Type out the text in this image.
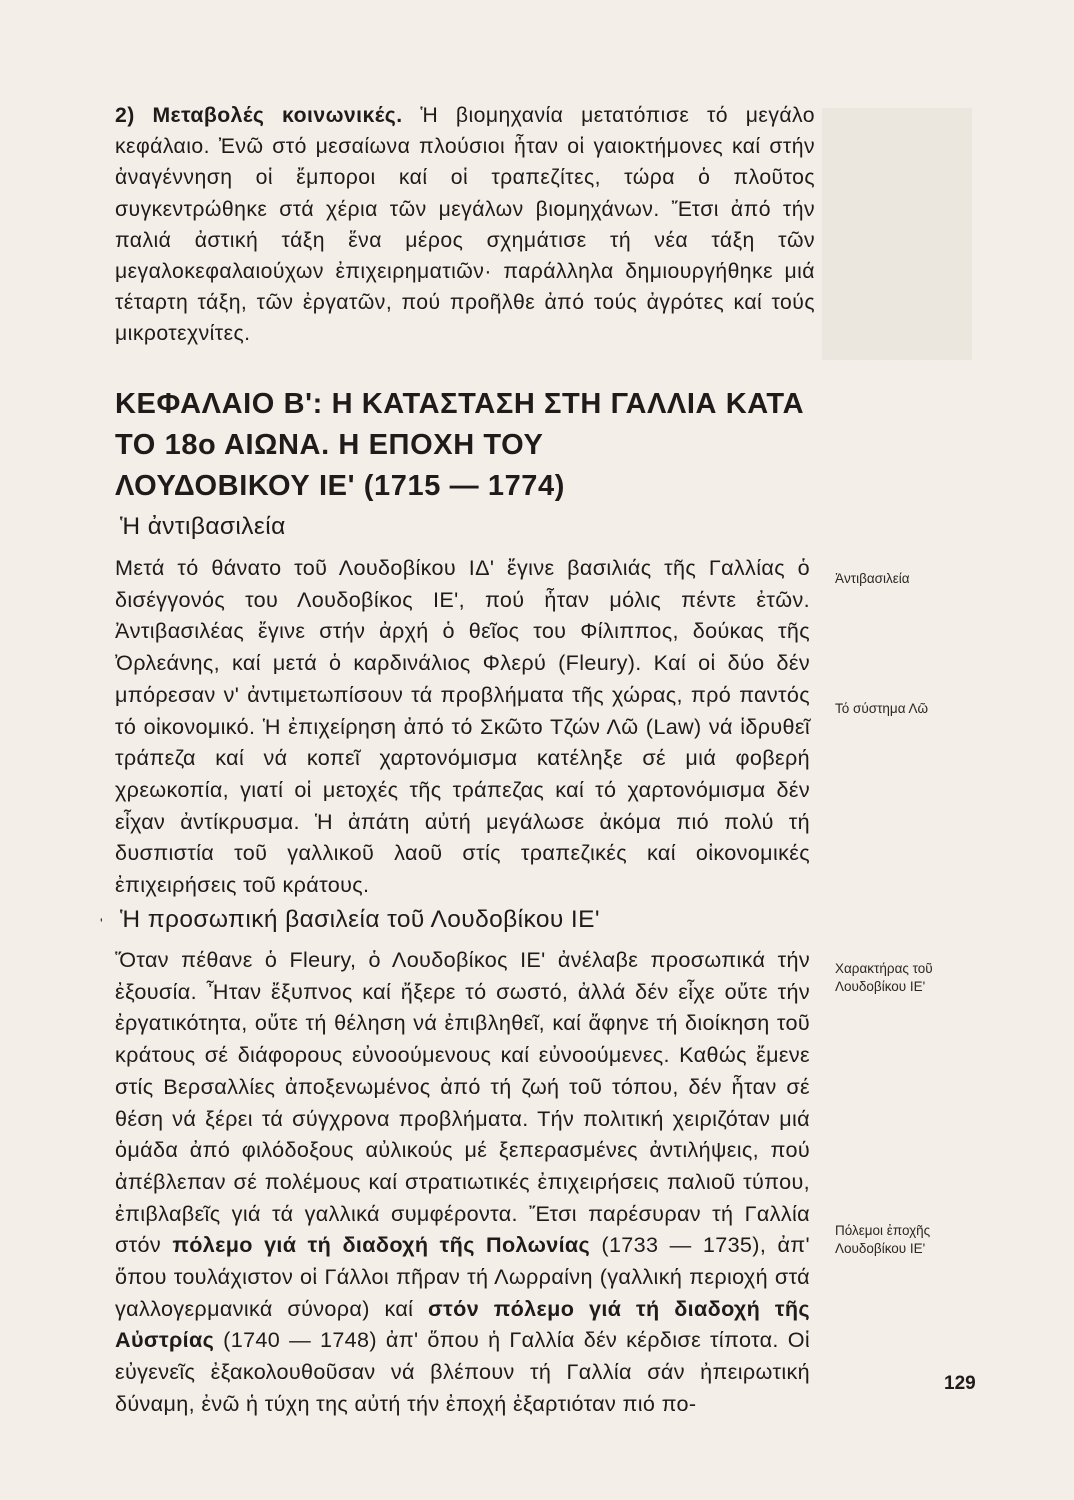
2) Μεταβολές κοινωνικές. Ἡ βιομηχανία μετατόπισε τό μεγάλο κεφάλαιο. Ἐνῶ στό μεσαίωνα πλούσιοι ἦταν οἱ γαιοκτήμονες καί στήν ἀναγέννηση οἱ ἔμποροι καί οἱ τραπεζίτες, τώρα ὁ πλοῦτος συγκεντρώθηκε στά χέρια τῶν μεγάλων βιομηχάνων. Ἔτσι ἀπό τήν παλιά ἀστική τάξη ἕνα μέρος σχημάτισε τή νέα τάξη τῶν μεγαλοκεφαλαιούχων ἐπιχειρηματιῶν· παράλληλα δημιουργήθηκε μιά τέταρτη τάξη, τῶν ἐργατῶν, πού προῆλθε ἀπό τούς ἀγρότες καί τούς μικροτεχνίτες.
ΚΕΦΑΛΑΙΟ Β': Η ΚΑΤΑΣΤΑΣΗ ΣΤΗ ΓΑΛΛΙΑ ΚΑΤΑ
ΤΟ 18ο ΑΙΩΝΑ. Η ΕΠΟΧΗ ΤΟΥ
ΛΟΥΔΟΒΙΚΟΥ ΙΕ' (1715 — 1774)
Ἡ ἀντιβασιλεία

Μετά τό θάνατο τοῦ Λουδοβίκου ΙΔ' ἔγινε βασιλιάς τῆς Γαλλίας ὁ δισέγγονός του Λουδοβίκος ΙΕ', πού ἦταν μόλις πέντε ἐτῶν. Ἀντιβασιλέας ἔγινε στήν ἀρχή ὁ θεῖος του Φίλιππος, δούκας τῆς Ὀρλεάνης, καί μετά ὁ καρδινάλιος Φλερύ (Fleury). Καί οἱ δύο δέν μπόρεσαν ν' ἀντιμετωπίσουν τά προβλήματα τῆς χώρας, πρό παντός τό οἰκονομικό. Ἡ ἐπιχείρηση ἀπό τό Σκῶτο Τζών Λῶ (Law) νά ἱδρυθεῖ τράπεζα καί νά κοπεῖ χαρτονόμισμα κατέληξε σέ μιά φοβερή χρεωκοπία, γιατί οἱ μετοχές τῆς τράπεζας καί τό χαρτονόμισμα δέν εἶχαν ἀντίκρυσμα. Ἡ ἀπάτη αὐτή μεγάλωσε ἀκόμα πιό πολύ τή δυσπιστία τοῦ γαλλικοῦ λαοῦ στίς τραπεζικές καί οἰκονομικές ἐπιχειρήσεις τοῦ κράτους.

' Ἡ προσωπική βασιλεία τοῦ Λουδοβίκου ΙΕ'

Ὅταν πέθανε ὁ Fleury, ὁ Λουδοβίκος ΙΕ' ἀνέλαβε προσωπικά τήν ἐξουσία. Ἦταν ἔξυπνος καί ἤξερε τό σωστό, ἀλλά δέν εἶχε οὔτε τήν ἐργατικότητα, οὔτε τή θέληση νά ἐπιβληθεῖ, καί ἄφηνε τή διοίκηση τοῦ κράτους σέ διάφορους εὐνοούμενους καί εὐνοούμενες. Καθώς ἔμενε στίς Βερσαλλίες ἀποξενωμένος ἀπό τή ζωή τοῦ τόπου, δέν ἦταν σέ θέση νά ξέρει τά σύγχρονα προβλήματα. Τήν πολιτική χειριζόταν μιά ὁμάδα ἀπό φιλόδοξους αὐλικούς μέ ξεπερασμένες ἀντιλήψεις, πού ἀπέβλεπαν σέ πολέμους καί στρατιωτικές ἐπιχειρήσεις παλιοῦ τύπου, ἐπιβλαβεῖς γιά τά γαλλικά συμφέροντα. Ἔτσι παρέσυραν τή Γαλλία στόν πόλεμο γιά τή διαδοχή τῆς Πολωνίας (1733 — 1735), ἀπ' ὅπου τουλάχιστον οἱ Γάλλοι πῆραν τή Λωρραίνη (γαλλική περιοχή στά γαλλογερμανικά σύνορα) καί στόν πόλεμο γιά τή διαδοχή τῆς Αὐστρίας (1740 — 1748) ἀπ' ὅπου ἡ Γαλλία δέν κέρδισε τίποτα. Οἱ εὐγενεῖς ἐξακολουθοῦσαν νά βλέπουν τή Γαλλία σάν ἠπειρωτική δύναμη, ἐνῶ ἡ τύχη της αὐτή τήν ἐποχή ἐξαρτιόταν πιό πο-

Ἀντιβασιλεία
Τό σύστημα Λῶ
Χαρακτήρας τοῦ
Λουδοβίκου ΙΕ'
Πόλεμοι ἐποχῆς
Λουδοβίκου ΙΕ'
129
